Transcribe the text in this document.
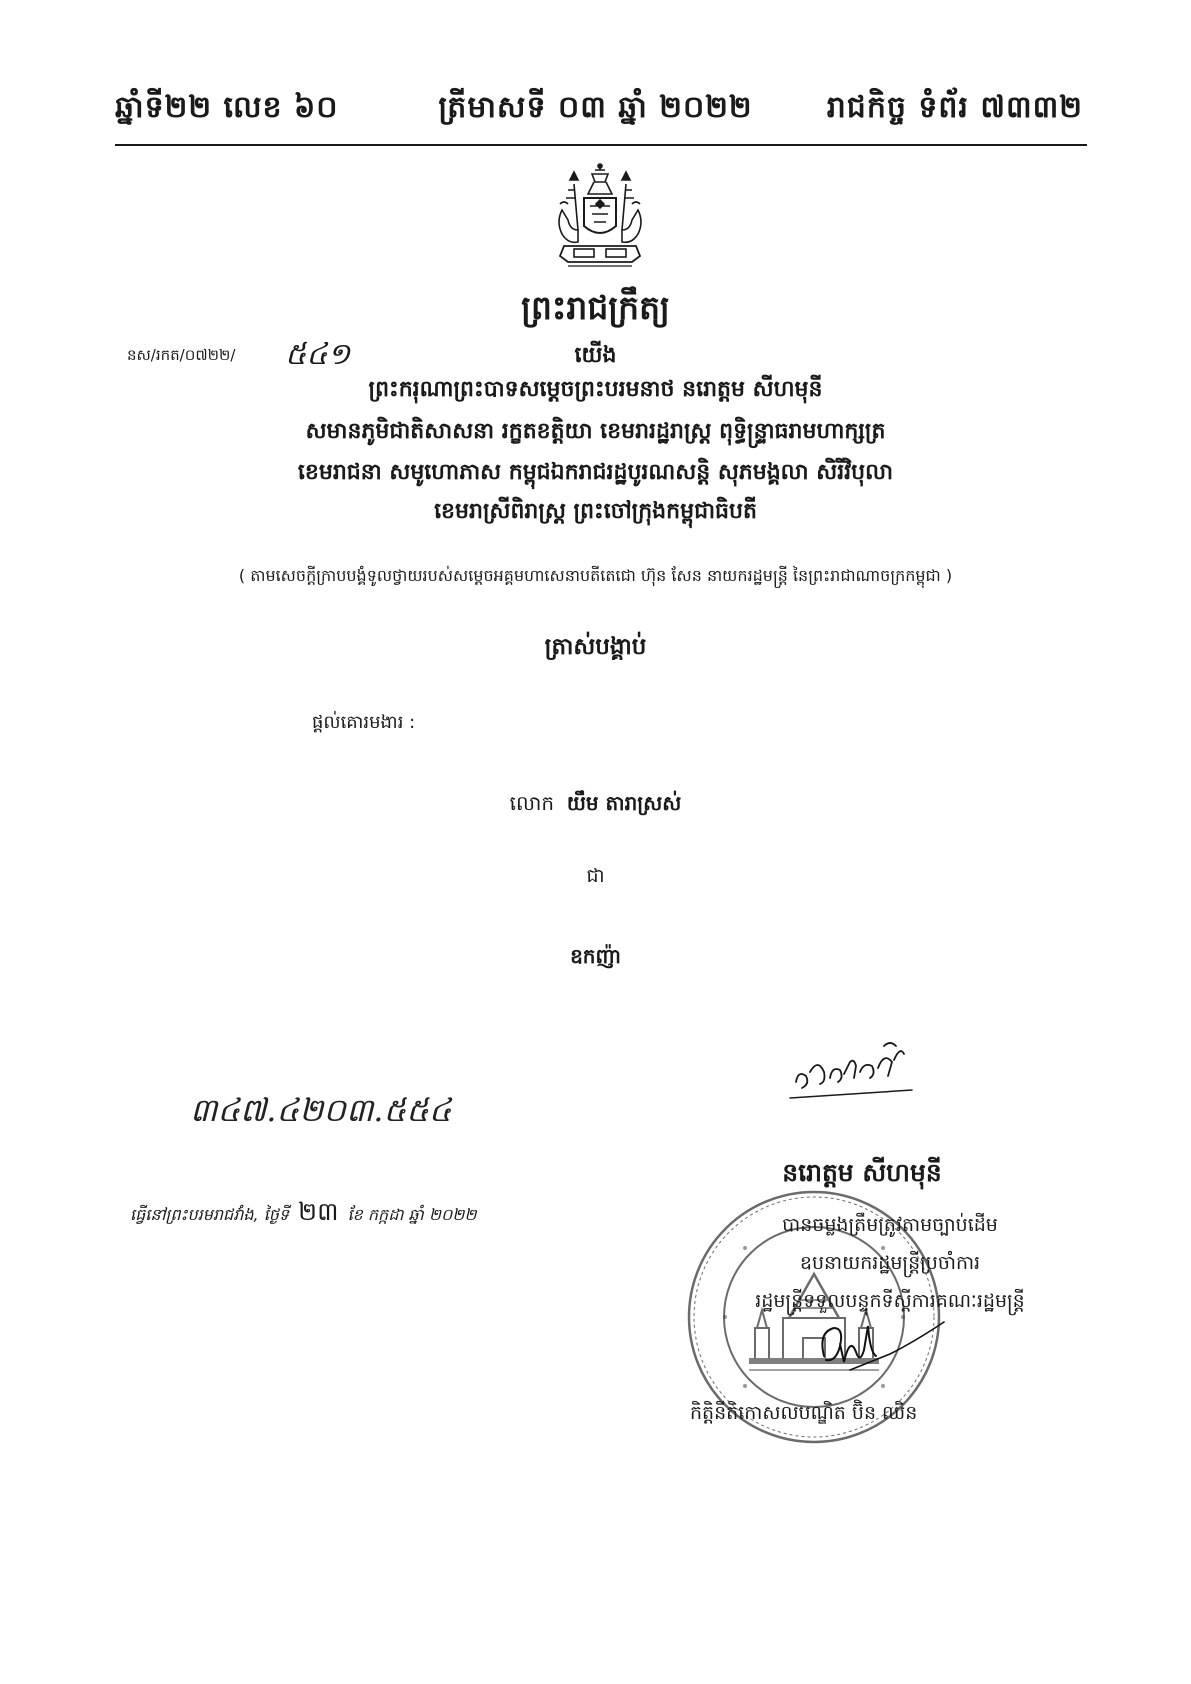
ឆ្នាំទី២២ លេខ ៦០	ត្រីមាសទី ០៣ ឆ្នាំ ២០២២	រាជកិច្ច ទំព័រ ៧៣៣២
ព្រះរាជក្រឹត្យ
នស/រកត/០៧២២/ ៥៤១	យើង
ព្រះករុណាព្រះបាទសម្តេចព្រះបរមនាថ នរោត្តម សីហមុនី
សមានភូមិជាតិសាសនា រក្ខតខត្តិយា ខេមរារដ្ឋរាស្ត្រ ពុទ្ធិន្ទ្រាធរាមហាក្សត្រ
ខេមរាជនា សមូហោភាស កម្ពុជឯករាជរដ្ឋបូរណសន្តិ សុភមង្គលា សិរីវិបុលា
ខេមរាស្រីពិរាស្ត្រ ព្រះចៅក្រុងកម្ពុជាធិបតី
( តាមសេចក្តីក្រាបបង្គំទូលថ្វាយរបស់សម្តេចអគ្គមហាសេនាបតីតេជោ ហ៊ុន សែន នាយករដ្ឋមន្ត្រី នៃព្រះរាជាណាចក្រកម្ពុជា )
ត្រាស់បង្គាប់
ផ្តល់គោរមងារ :
លោក យឹម តារាស្រស់
ជា
ឧកញ៉ា
នរោត្តម សីហមុនី
៣៤៧.៤២០៣.៥៥៤
ធ្វើនៅព្រះបរមរាជវាំង, ថ្ងៃទី ២៣ ខែ កក្កដា ឆ្នាំ ២០២២	បានចម្លងត្រឹមត្រូវតាមច្បាប់ដើម
ឧបនាយករដ្ឋមន្ត្រីប្រចាំការ
រដ្ឋមន្ត្រីទទួលបន្ទុកទីស្តីការគណៈរដ្ឋមន្ត្រី
កិត្តិនីតិកោសលបណ្ឌិត ប៊ិន ឈិន
